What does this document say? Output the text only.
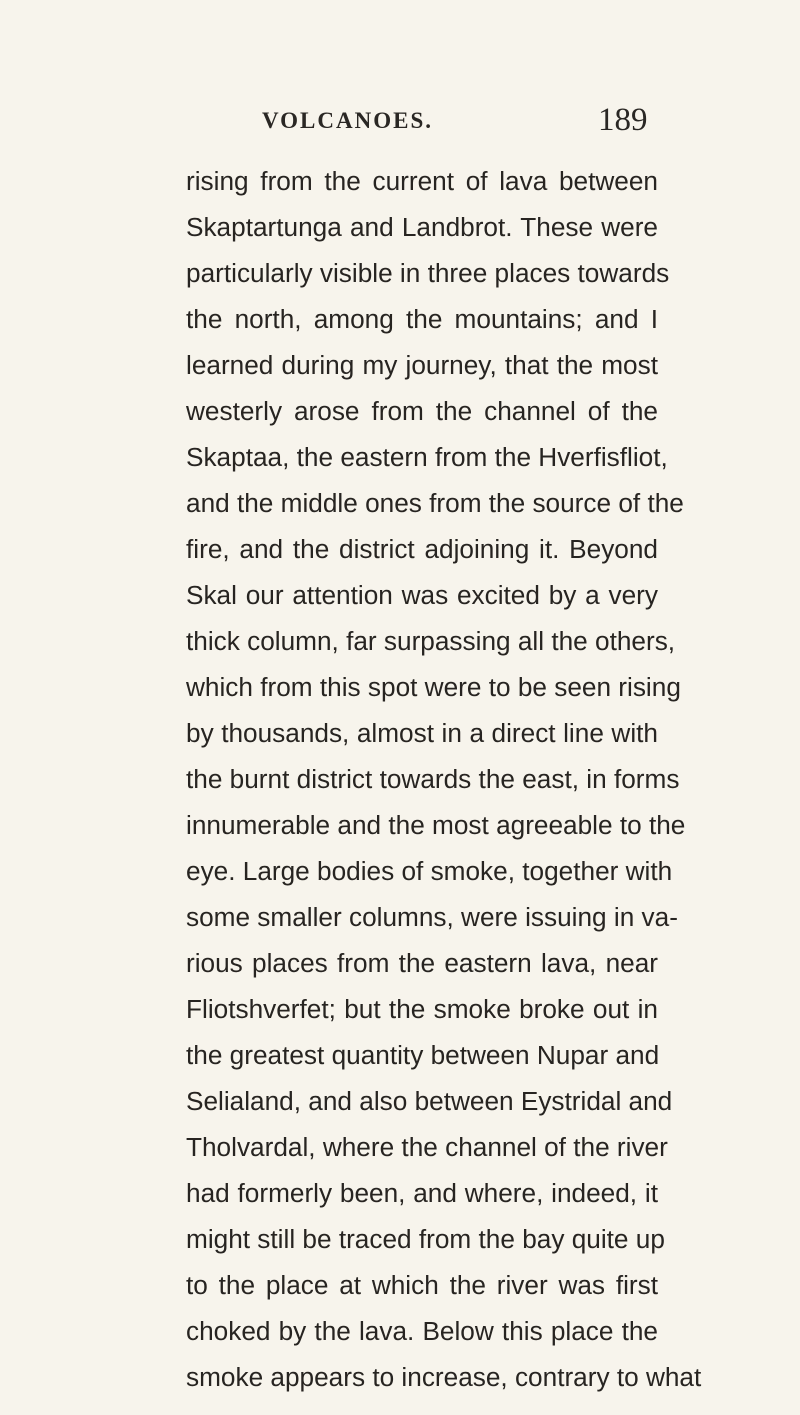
VOLCANOES.	189
rising from the current of lava between
Skaptartunga and Landbrot. These were
particularly visible in three places towards
the north, among the mountains; and I
learned during my journey, that the most
westerly arose from the channel of the
Skaptaa, the eastern from the Hverfisfliot,
and the middle ones from the source of the
fire, and the district adjoining it. Beyond
Skal our attention was excited by a very
thick column, far surpassing all the others,
which from this spot were to be seen rising
by thousands, almost in a direct line with
the burnt district towards the east, in forms
innumerable and the most agreeable to the
eye. Large bodies of smoke, together with
some smaller columns, were issuing in va-
rious places from the eastern lava, near
Fliotshverfet; but the smoke broke out in
the greatest quantity between Nupar and
Selialand, and also between Eystridal and
Tholvardal, where the channel of the river
had formerly been, and where, indeed, it
might still be traced from the bay quite up
to the place at which the river was first
choked by the lava. Below this place the
smoke appears to increase, contrary to what
